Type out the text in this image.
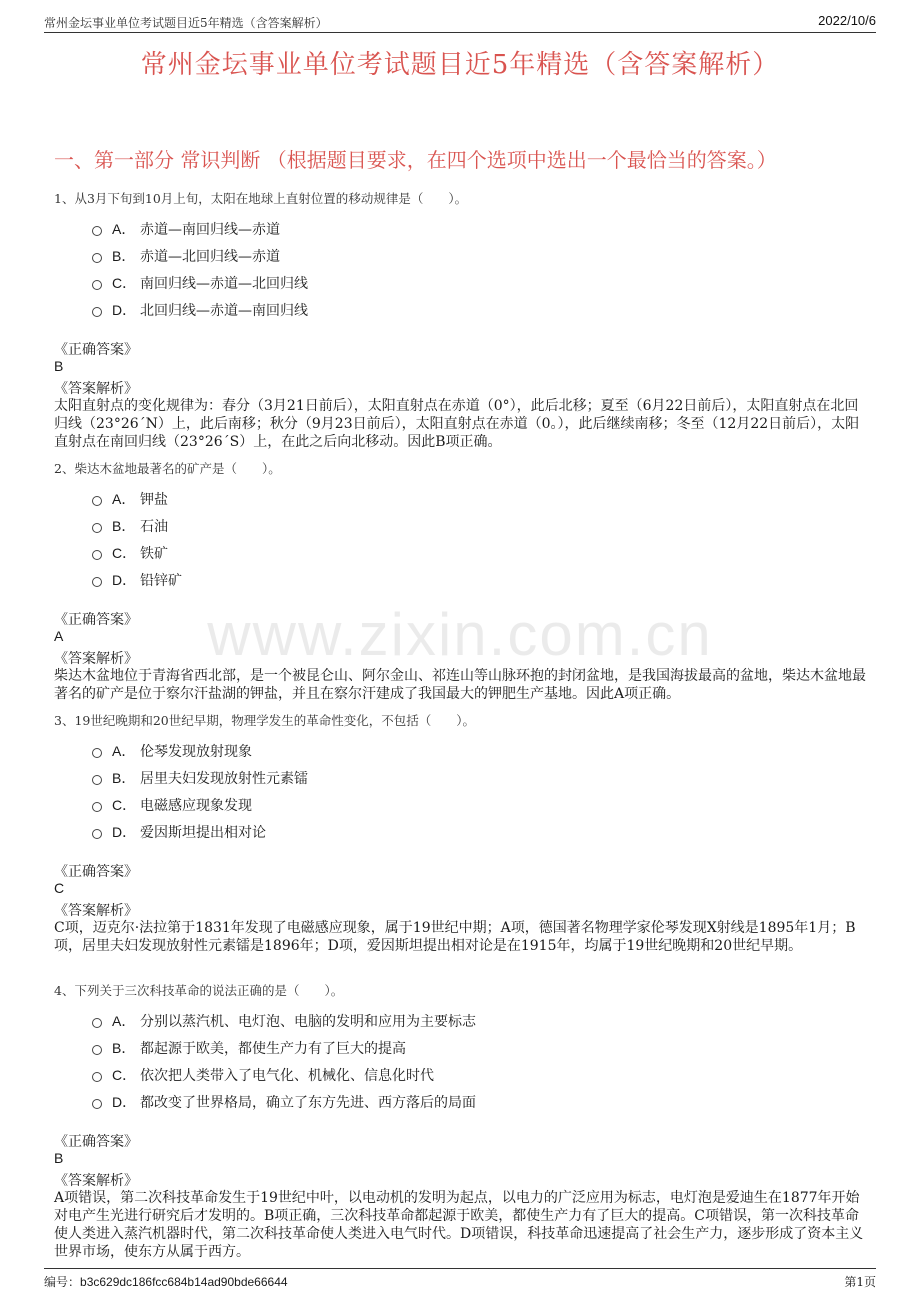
常州金坛事业单位考试题目近5年精选（含答案解析）	2022/10/6
常州金坛事业单位考试题目近5年精选（含答案解析）
一、第一部分 常识判断 （根据题目要求，在四个选项中选出一个最恰当的答案。）
www.zixin.com.cn
1、从3月下旬到10月上旬，太阳在地球上直射位置的移动规律是（　　）。
A． 赤道—南回归线—赤道
B． 赤道—北回归线—赤道
C． 南回归线—赤道—北回归线
D． 北回归线—赤道—南回归线
《正确答案》
B
《答案解析》
太阳直射点的变化规律为：春分（3月21日前后），太阳直射点在赤道（0°），此后北移；夏至（6月22日前后），太阳直射点在北回归线（23°26´N）上，此后南移；秋分（9月23日前后），太阳直射点在赤道（0。），此后继续南移；冬至（12月22日前后），太阳直射点在南回归线（23°26´S）上，在此之后向北移动。因此B项正确。
2、柴达木盆地最著名的矿产是（　　）。
A． 钾盐
B． 石油
C． 铁矿
D． 铅锌矿
《正确答案》
A
《答案解析》
柴达木盆地位于青海省西北部，是一个被昆仑山、阿尔金山、祁连山等山脉环抱的封闭盆地，是我国海拔最高的盆地，柴达木盆地最著名的矿产是位于察尔汗盐湖的钾盐，并且在察尔汗建成了我国最大的钾肥生产基地。因此A项正确。
3、19世纪晚期和20世纪早期，物理学发生的革命性变化，不包括（　　）。
A． 伦琴发现放射现象
B． 居里夫妇发现放射性元素镭
C． 电磁感应现象发现
D． 爱因斯坦提出相对论
《正确答案》
C
《答案解析》
C项，迈克尔·法拉第于1831年发现了电磁感应现象，属于19世纪中期；A项，德国著名物理学家伦琴发现X射线是1895年1月；B项，居里夫妇发现放射性元素镭是1896年；D项，爱因斯坦提出相对论是在1915年，均属于19世纪晚期和20世纪早期。
4、下列关于三次科技革命的说法正确的是（　　）。
A． 分别以蒸汽机、电灯泡、电脑的发明和应用为主要标志
B． 都起源于欧美，都使生产力有了巨大的提高
C． 依次把人类带入了电气化、机械化、信息化时代
D． 都改变了世界格局，确立了东方先进、西方落后的局面
《正确答案》
B
《答案解析》
A项错误，第二次科技革命发生于19世纪中叶，以电动机的发明为起点，以电力的广泛应用为标志，电灯泡是爱迪生在1877年开始对电产生光进行研究后才发明的。B项正确，三次科技革命都起源于欧美，都使生产力有了巨大的提高。C项错误，第一次科技革命使人类进入蒸汽机器时代，第二次科技革命使人类进入电气时代。D项错误，科技革命迅速提高了社会生产力，逐步形成了资本主义世界市场，使东方从属于西方。
编号：b3c629dc186fcc684b14ad90bde66644	第1页
